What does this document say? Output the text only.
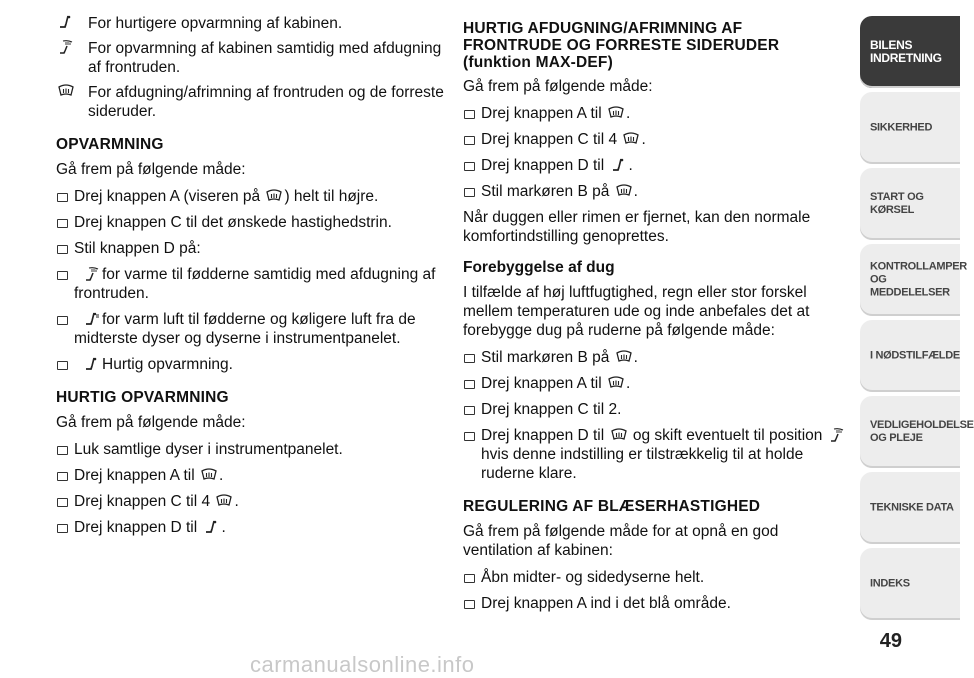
For hurtigere opvarmning af kabinen.
For opvarmning af kabinen samtidig med afdugning af frontruden.
For afdugning/afrimning af frontruden og de forreste sideruder.
OPVARMNING
Gå frem på følgende måde:
Drej knappen A (viseren på ) helt til højre.
Drej knappen C til det ønskede hastighedstrin.
Stil knappen D på:
for varme til fødderne samtidig med afdugning af frontruden.
for varm luft til fødderne og køligere luft fra de midterste dyser og dyserne i instrumentpanelet.
Hurtig opvarmning.
HURTIG OPVARMNING
Gå frem på følgende måde:
Luk samtlige dyser i instrumentpanelet.
Drej knappen A til .
Drej knappen C til 4 .
Drej knappen D til .
HURTIG AFDUGNING/AFRIMNING AF
FRONTRUDE OG FORRESTE SIDERUDER
(funktion MAX-DEF)
Gå frem på følgende måde:
Drej knappen A til .
Drej knappen C til 4 .
Drej knappen D til .
Stil markøren B på .
Når duggen eller rimen er fjernet, kan den normale komfortindstilling genoprettes.
Forebyggelse af dug
I tilfælde af høj luftfugtighed, regn eller stor forskel mellem temperaturen ude og inde anbefales det at forebygge dug på ruderne på følgende måde:
Stil markøren B på .
Drej knappen A til .
Drej knappen C til 2.
Drej knappen D til og skift eventuelt til position
hvis denne indstilling er tilstrækkelig til at holde ruderne klare.
REGULERING AF BLÆSERHASTIGHED
Gå frem på følgende måde for at opnå en god ventilation af kabinen:
Åbn midter- og sidedyserne helt.
Drej knappen A ind i det blå område.
BILENS
INDRETNING
SIKKERHED
START OG KØRSEL
KONTROLLAMPER
OG MEDDELELSER
I NØDSTILFÆLDE
VEDLIGEHOLDELSE
OG PLEJE
TEKNISKE DATA
INDEKS
49
carmanualsonline.info
